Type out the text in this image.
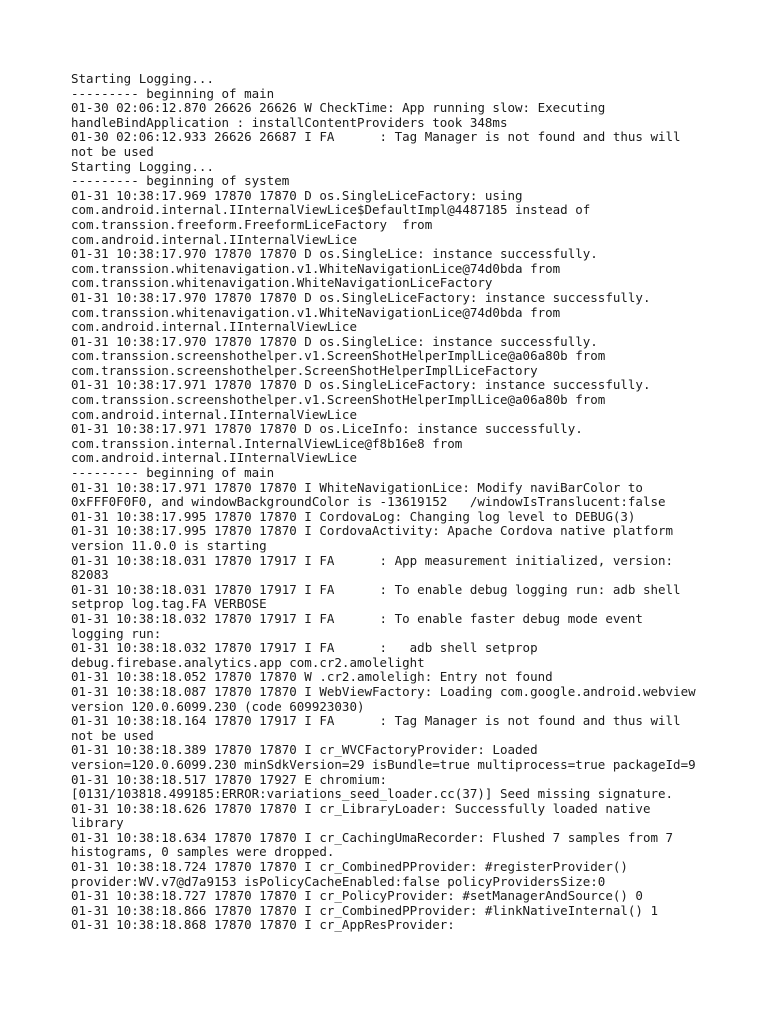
Starting Logging...
--------- beginning of main
01-30 02:06:12.870 26626 26626 W CheckTime: App running slow: Executing
handleBindApplication : installContentProviders took 348ms
01-30 02:06:12.933 26626 26687 I FA      : Tag Manager is not found and thus will
not be used
Starting Logging...
--------- beginning of system
01-31 10:38:17.969 17870 17870 D os.SingleLiceFactory: using
com.android.internal.IInternalViewLice$DefaultImpl@4487185 instead of
com.transsion.freeform.FreeformLiceFactory  from
com.android.internal.IInternalViewLice
01-31 10:38:17.970 17870 17870 D os.SingleLice: instance successfully.
com.transsion.whitenavigation.v1.WhiteNavigationLice@74d0bda from
com.transsion.whitenavigation.WhiteNavigationLiceFactory
01-31 10:38:17.970 17870 17870 D os.SingleLiceFactory: instance successfully.
com.transsion.whitenavigation.v1.WhiteNavigationLice@74d0bda from
com.android.internal.IInternalViewLice
01-31 10:38:17.970 17870 17870 D os.SingleLice: instance successfully.
com.transsion.screenshothelper.v1.ScreenShotHelperImplLice@a06a80b from
com.transsion.screenshothelper.ScreenShotHelperImplLiceFactory
01-31 10:38:17.971 17870 17870 D os.SingleLiceFactory: instance successfully.
com.transsion.screenshothelper.v1.ScreenShotHelperImplLice@a06a80b from
com.android.internal.IInternalViewLice
01-31 10:38:17.971 17870 17870 D os.LiceInfo: instance successfully.
com.transsion.internal.InternalViewLice@f8b16e8 from
com.android.internal.IInternalViewLice
--------- beginning of main
01-31 10:38:17.971 17870 17870 I WhiteNavigationLice: Modify naviBarColor to
0xFFF0F0F0, and windowBackgroundColor is -13619152   /windowIsTranslucent:false
01-31 10:38:17.995 17870 17870 I CordovaLog: Changing log level to DEBUG(3)
01-31 10:38:17.995 17870 17870 I CordovaActivity: Apache Cordova native platform
version 11.0.0 is starting
01-31 10:38:18.031 17870 17917 I FA      : App measurement initialized, version:
82083
01-31 10:38:18.031 17870 17917 I FA      : To enable debug logging run: adb shell
setprop log.tag.FA VERBOSE
01-31 10:38:18.032 17870 17917 I FA      : To enable faster debug mode event
logging run:
01-31 10:38:18.032 17870 17917 I FA      :   adb shell setprop
debug.firebase.analytics.app com.cr2.amolelight
01-31 10:38:18.052 17870 17870 W .cr2.amoleligh: Entry not found
01-31 10:38:18.087 17870 17870 I WebViewFactory: Loading com.google.android.webview
version 120.0.6099.230 (code 609923030)
01-31 10:38:18.164 17870 17917 I FA      : Tag Manager is not found and thus will
not be used
01-31 10:38:18.389 17870 17870 I cr_WVCFactoryProvider: Loaded
version=120.0.6099.230 minSdkVersion=29 isBundle=true multiprocess=true packageId=9
01-31 10:38:18.517 17870 17927 E chromium:
[0131/103818.499185:ERROR:variations_seed_loader.cc(37)] Seed missing signature.
01-31 10:38:18.626 17870 17870 I cr_LibraryLoader: Successfully loaded native
library
01-31 10:38:18.634 17870 17870 I cr_CachingUmaRecorder: Flushed 7 samples from 7
histograms, 0 samples were dropped.
01-31 10:38:18.724 17870 17870 I cr_CombinedPProvider: #registerProvider()
provider:WV.v7@d7a9153 isPolicyCacheEnabled:false policyProvidersSize:0
01-31 10:38:18.727 17870 17870 I cr_PolicyProvider: #setManagerAndSource() 0
01-31 10:38:18.866 17870 17870 I cr_CombinedPProvider: #linkNativeInternal() 1
01-31 10:38:18.868 17870 17870 I cr_AppResProvider:
